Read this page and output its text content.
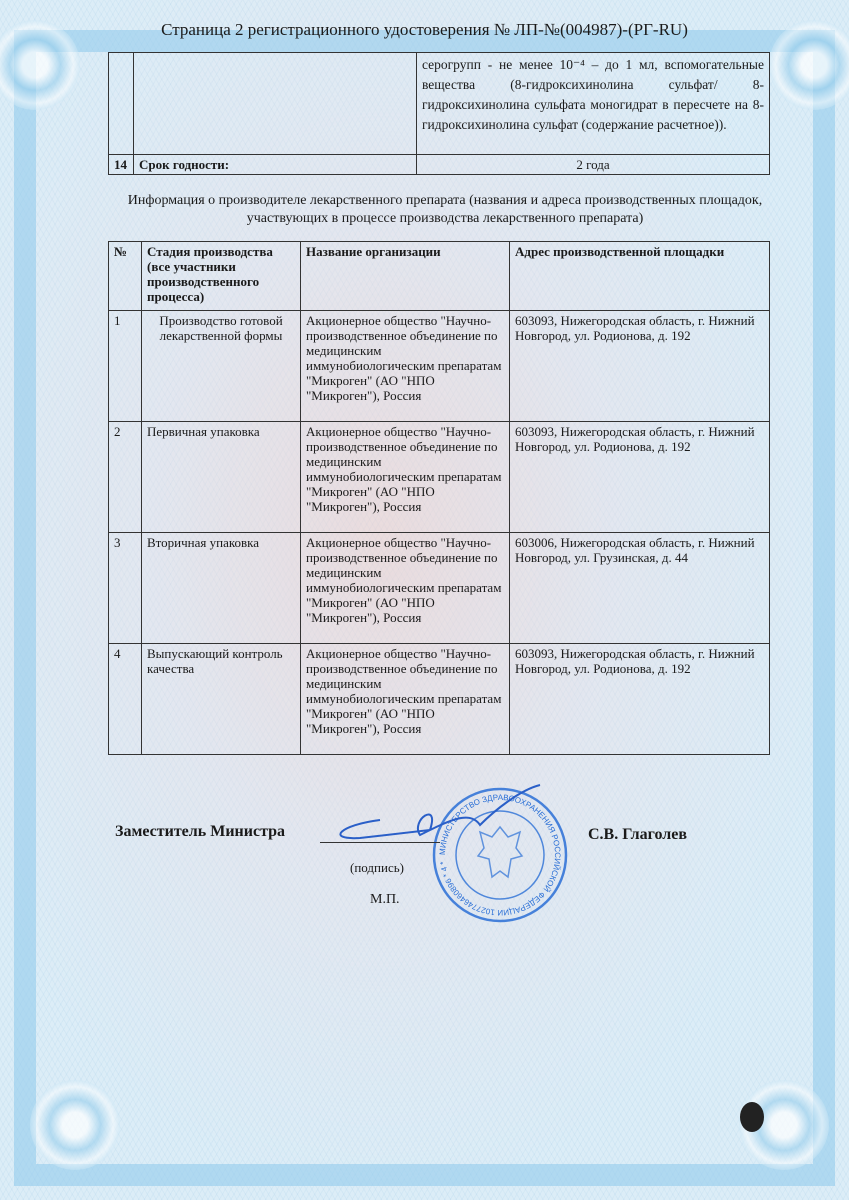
Страница 2 регистрационного удостоверения № ЛП-№(004987)-(РГ-RU)
		серогрупп - не менее 10⁻⁴ – до 1 мл, вспомогательные вещества (8-гидроксихинолина сульфат/ 8-гидроксихинолина сульфата моногидрат в пересчете на 8-гидроксихинолина сульфат (содержание расчетное)).
14	Срок годности:	2 года
Информация о производителе лекарственного препарата (названия и адреса производственных площадок, участвующих в процессе производства лекарственного препарата)
№	Стадия производства (все участники производственного процесса)	Название организации	Адрес производственной площадки
1	Производство готовой лекарственной формы	Акционерное общество "Научно-производственное объединение по медицинским иммунобиологическим препаратам "Микроген" (АО "НПО "Микроген"), Россия	603093, Нижегородская область, г. Нижний Новгород, ул. Родионова, д. 192
2	Первичная упаковка	Акционерное общество "Научно-производственное объединение по медицинским иммунобиологическим препаратам "Микроген" (АО "НПО "Микроген"), Россия	603093, Нижегородская область, г. Нижний Новгород, ул. Родионова, д. 192
3	Вторичная упаковка	Акционерное общество "Научно-производственное объединение по медицинским иммунобиологическим препаратам "Микроген" (АО "НПО "Микроген"), Россия	603006, Нижегородская область, г. Нижний Новгород, ул. Грузинская, д. 44
4	Выпускающий контроль качества	Акционерное общество "Научно-производственное объединение по медицинским иммунобиологическим препаратам "Микроген" (АО "НПО "Микроген"), Россия	603093, Нижегородская область, г. Нижний Новгород, ул. Родионова, д. 192
МИНИСТЕРСТВО ЗДРАВООХРАНЕНИЯ РОССИЙСКОЙ ФЕДЕРАЦИИ 1027746460896 * 4 *
Заместитель Министра	С.В. Глаголев
(подпись)
М.П.
